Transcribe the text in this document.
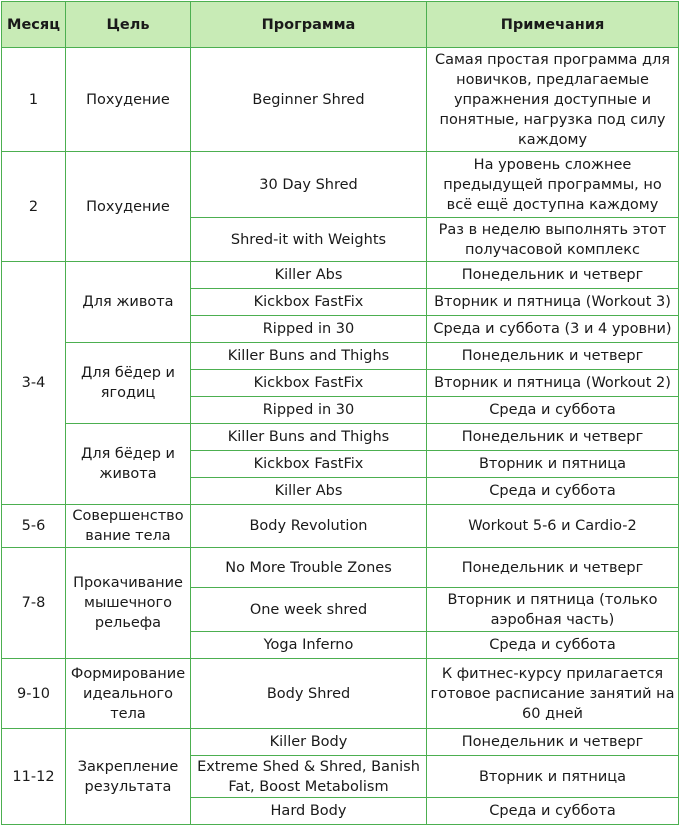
Месяц	Цель	Программа	Примечания
1	Похудение	Beginner Shred	Самая простая программа для новичков, предлагаемые упражнения доступные и понятные, нагрузка под силу каждому
2	Похудение	30 Day Shred	На уровень сложнее предыдущей программы, но всё ещё доступна каждому
		Shred-it with Weights	Раз в неделю выполнять этот получасовой комплекс
3-4	Для живота	Killer Abs	Понедельник и четверг
		Kickbox FastFix	Вторник и пятница (Workout 3)
		Ripped in 30	Среда и суббота (3 и 4 уровни)
	Для бёдер и ягодиц	Killer Buns and Thighs	Понедельник и четверг
		Kickbox FastFix	Вторник и пятница (Workout 2)
		Ripped in 30	Среда и суббота
	Для бёдер и живота	Killer Buns and Thighs	Понедельник и четверг
		Kickbox FastFix	Вторник и пятница
		Killer Abs	Среда и суббота
5-6	Совершенство вание тела	Body Revolution	Workout 5-6 и Cardio-2
7-8	Прокачивание мышечного рельефа	No More Trouble Zones	Понедельник и четверг
		One week shred	Вторник и пятница (только аэробная часть)
		Yoga Inferno	Среда и суббота
9-10	Формирование идеального тела	Body Shred	К фитнес-курсу прилагается готовое расписание занятий на 60 дней
11-12	Закрепление результата	Killer Body	Понедельник и четверг
		Extreme Shed & Shred, Banish Fat, Boost Metabolism	Вторник и пятница
		Hard Body	Среда и суббота
